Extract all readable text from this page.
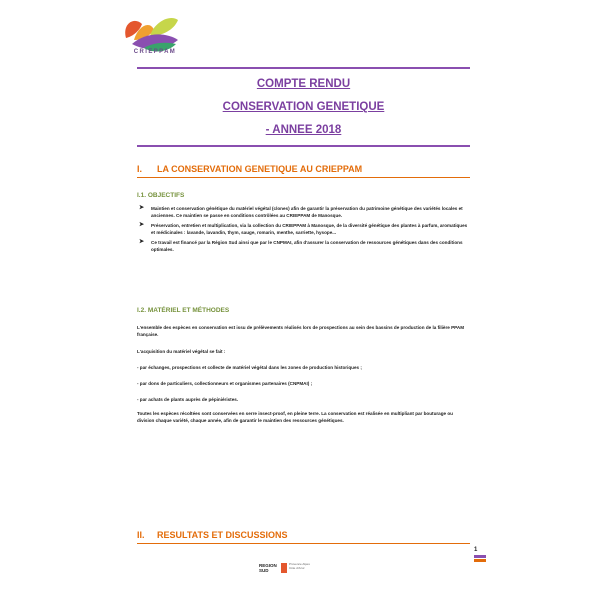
CRIEPPAM
COMPTE RENDU
CONSERVATION GENETIQUE
- ANNEE 2018
I. LA CONSERVATION GENETIQUE AU CRIEPPAM
I.1. OBJECTIFS
➤ Maintien et conservation génétique du matériel végétal (clones) afin de garantir la préservation du patrimoine génétique des variétés locales et anciennes. Ce maintien se passe en conditions contrôlées au CRIEPPAM de Manosque.
➤ Préservation, entretien et multiplication, via la collection du CRIEPPAM à Manosque, de la diversité génétique des plantes à parfum, aromatiques et médicinales : lavande, lavandin, thym, sauge, romarin, menthe, sarriette, hysope...
➤ Ce travail est financé par la Région Sud ainsi que par le CNPMAI, afin d'assurer la conservation de ressources génétiques dans des conditions optimales.
I.2. MATÉRIEL ET MÉTHODES

L'ensemble des espèces en conservation est issu de prélèvements réalisés lors de prospections au sein des bassins de production de la filière PPAM française.

L'acquisition du matériel végétal se fait :

- par échanges, prospections et collecte de matériel végétal dans les zones de production historiques ;

- par dons de particuliers, collectionneurs et organismes partenaires (CNPMAI) ;

- par achats de plants auprès de pépiniéristes.

Toutes les espèces récoltées sont conservées en serre insect-proof, en pleine terre. La conservation est réalisée en multipliant par bouturage ou division chaque variété, chaque année, afin de garantir le maintien des ressources génétiques.

II. RESULTATS ET DISCUSSIONS
REGION SUD
Provence Alpes Côte d'Azur
1
